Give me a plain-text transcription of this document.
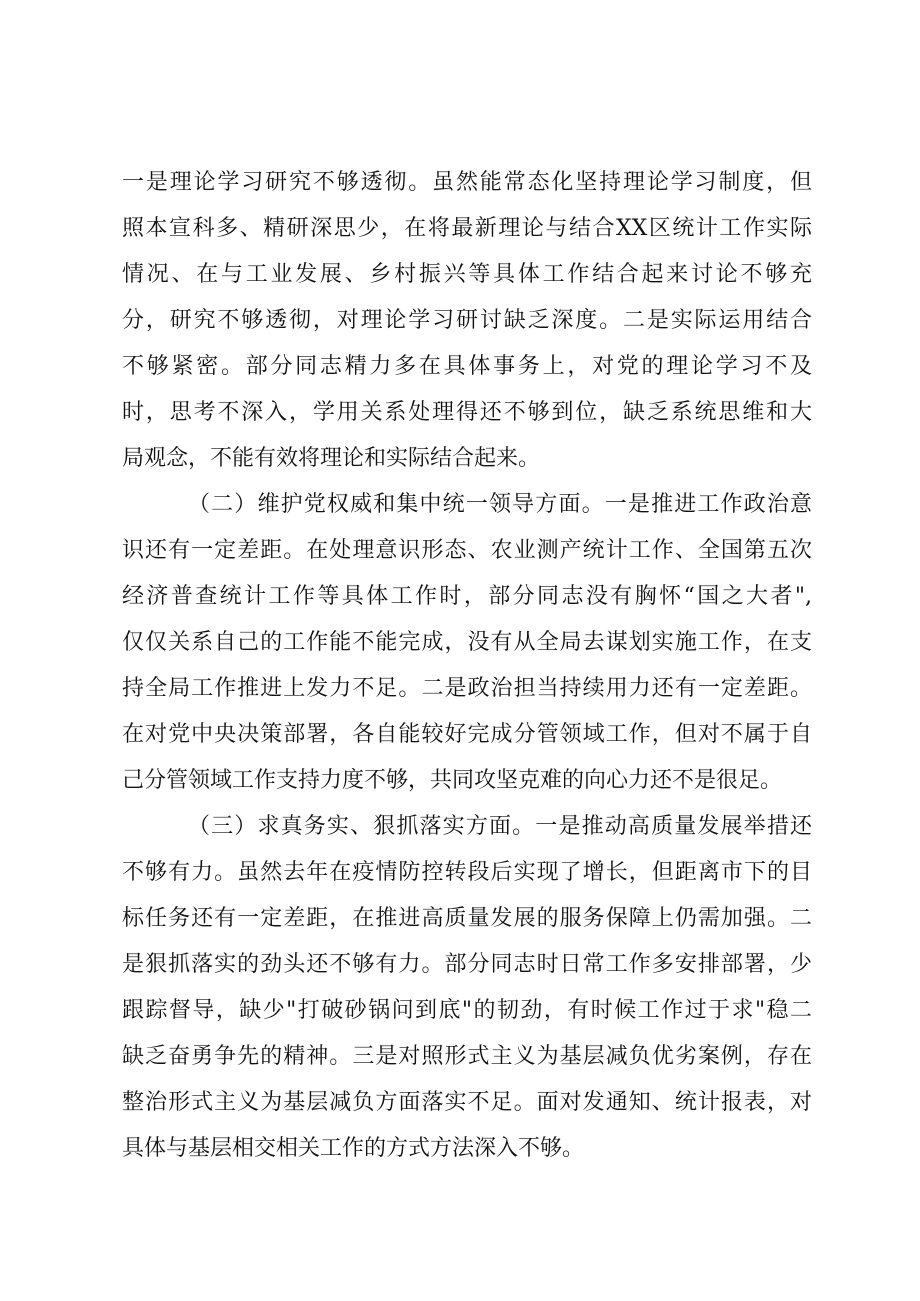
一是理论学习研究不够透彻。虽然能常态化坚持理论学习制度，但
照本宣科多、精研深思少，在将最新理论与结合XX区统计工作实际
情况、在与工业发展、乡村振兴等具体工作结合起来讨论不够充
分，研究不够透彻，对理论学习研讨缺乏深度。二是实际运用结合
不够紧密。部分同志精力多在具体事务上，对党的理论学习不及
时，思考不深入，学用关系处理得还不够到位，缺乏系统思维和大
局观念，不能有效将理论和实际结合起来。
（二）维护党权威和集中统一领导方面。一是推进工作政治意
识还有一定差距。在处理意识形态、农业测产统计工作、全国第五次
经济普查统计工作等具体工作时，部分同志没有胸怀“国之大者",
仅仅关系自己的工作能不能完成，没有从全局去谋划实施工作，在支
持全局工作推进上发力不足。二是政治担当持续用力还有一定差距。
在对党中央决策部署，各自能较好完成分管领域工作，但对不属于自
己分管领域工作支持力度不够，共同攻坚克难的向心力还不是很足。
（三）求真务实、狠抓落实方面。一是推动高质量发展举措还
不够有力。虽然去年在疫情防控转段后实现了增长，但距离市下的目
标任务还有一定差距，在推进高质量发展的服务保障上仍需加强。二
是狠抓落实的劲头还不够有力。部分同志时日常工作多安排部署，少
跟踪督导，缺少"打破砂锅问到底"的韧劲，有时候工作过于求"稳二
缺乏奋勇争先的精神。三是对照形式主义为基层减负优劣案例，存在
整治形式主义为基层减负方面落实不足。面对发通知、统计报表，对
具体与基层相交相关工作的方式方法深入不够。
